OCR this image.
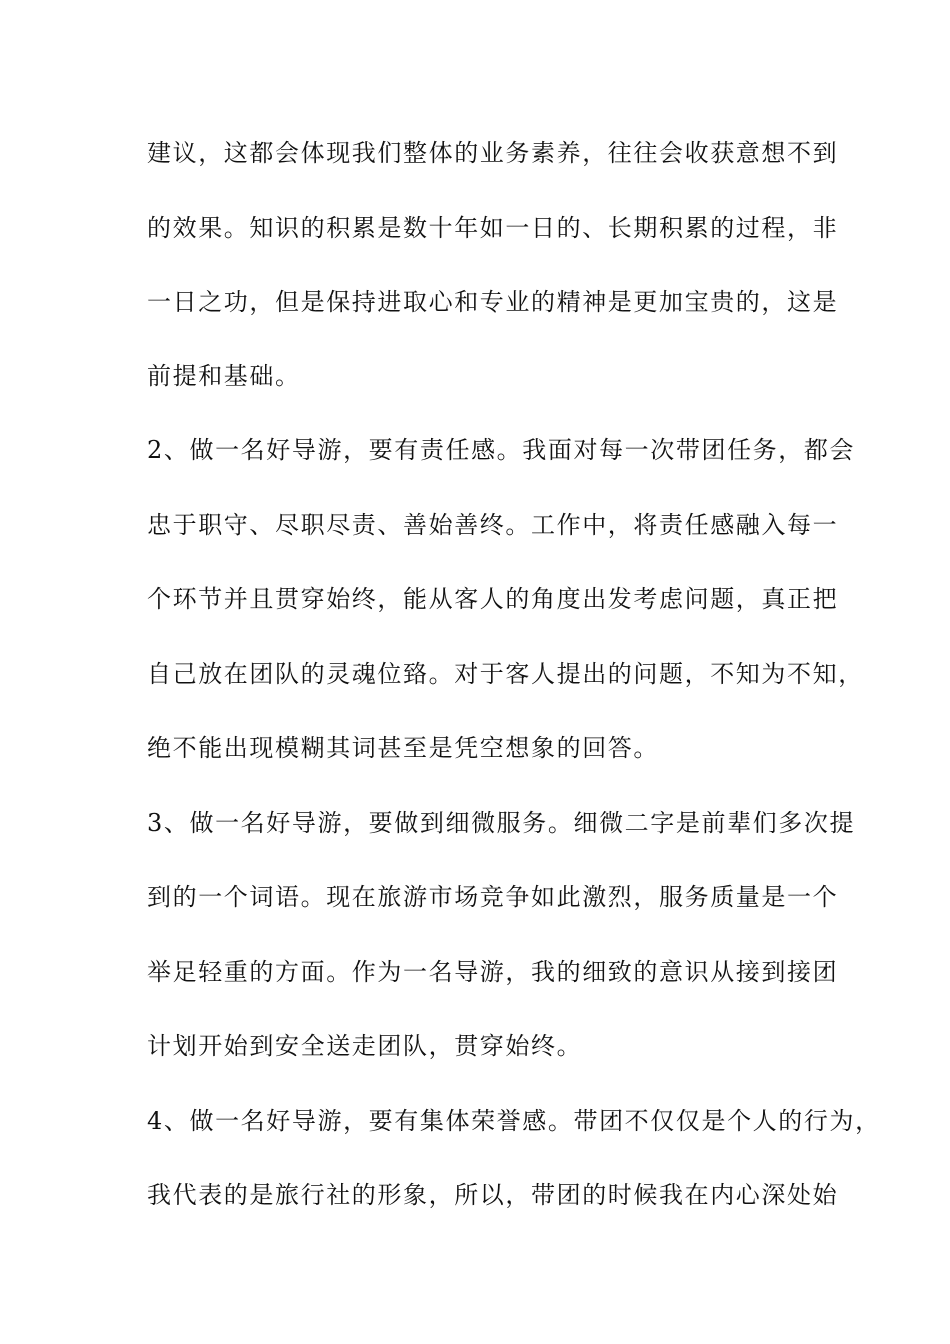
建议，这都会体现我们整体的业务素养，往往会收获意想不到
的效果。知识的积累是数十年如一日的、长期积累的过程，非
一日之功，但是保持进取心和专业的精神是更加宝贵的，这是
前提和基础。
2、做一名好导游，要有责任感。我面对每一次带团任务，都会
忠于职守、尽职尽责、善始善终。工作中，将责任感融入每一
个环节并且贯穿始终，能从客人的角度出发考虑问题，真正把
自己放在团队的灵魂位臵。对于客人提出的问题，不知为不知，
绝不能出现模糊其词甚至是凭空想象的回答。
3、做一名好导游，要做到细微服务。细微二字是前辈们多次提
到的一个词语。现在旅游市场竞争如此激烈，服务质量是一个
举足轻重的方面。作为一名导游，我的细致的意识从接到接团
计划开始到安全送走团队，贯穿始终。
4、做一名好导游，要有集体荣誉感。带团不仅仅是个人的行为，
我代表的是旅行社的形象，所以，带团的时候我在内心深处始
